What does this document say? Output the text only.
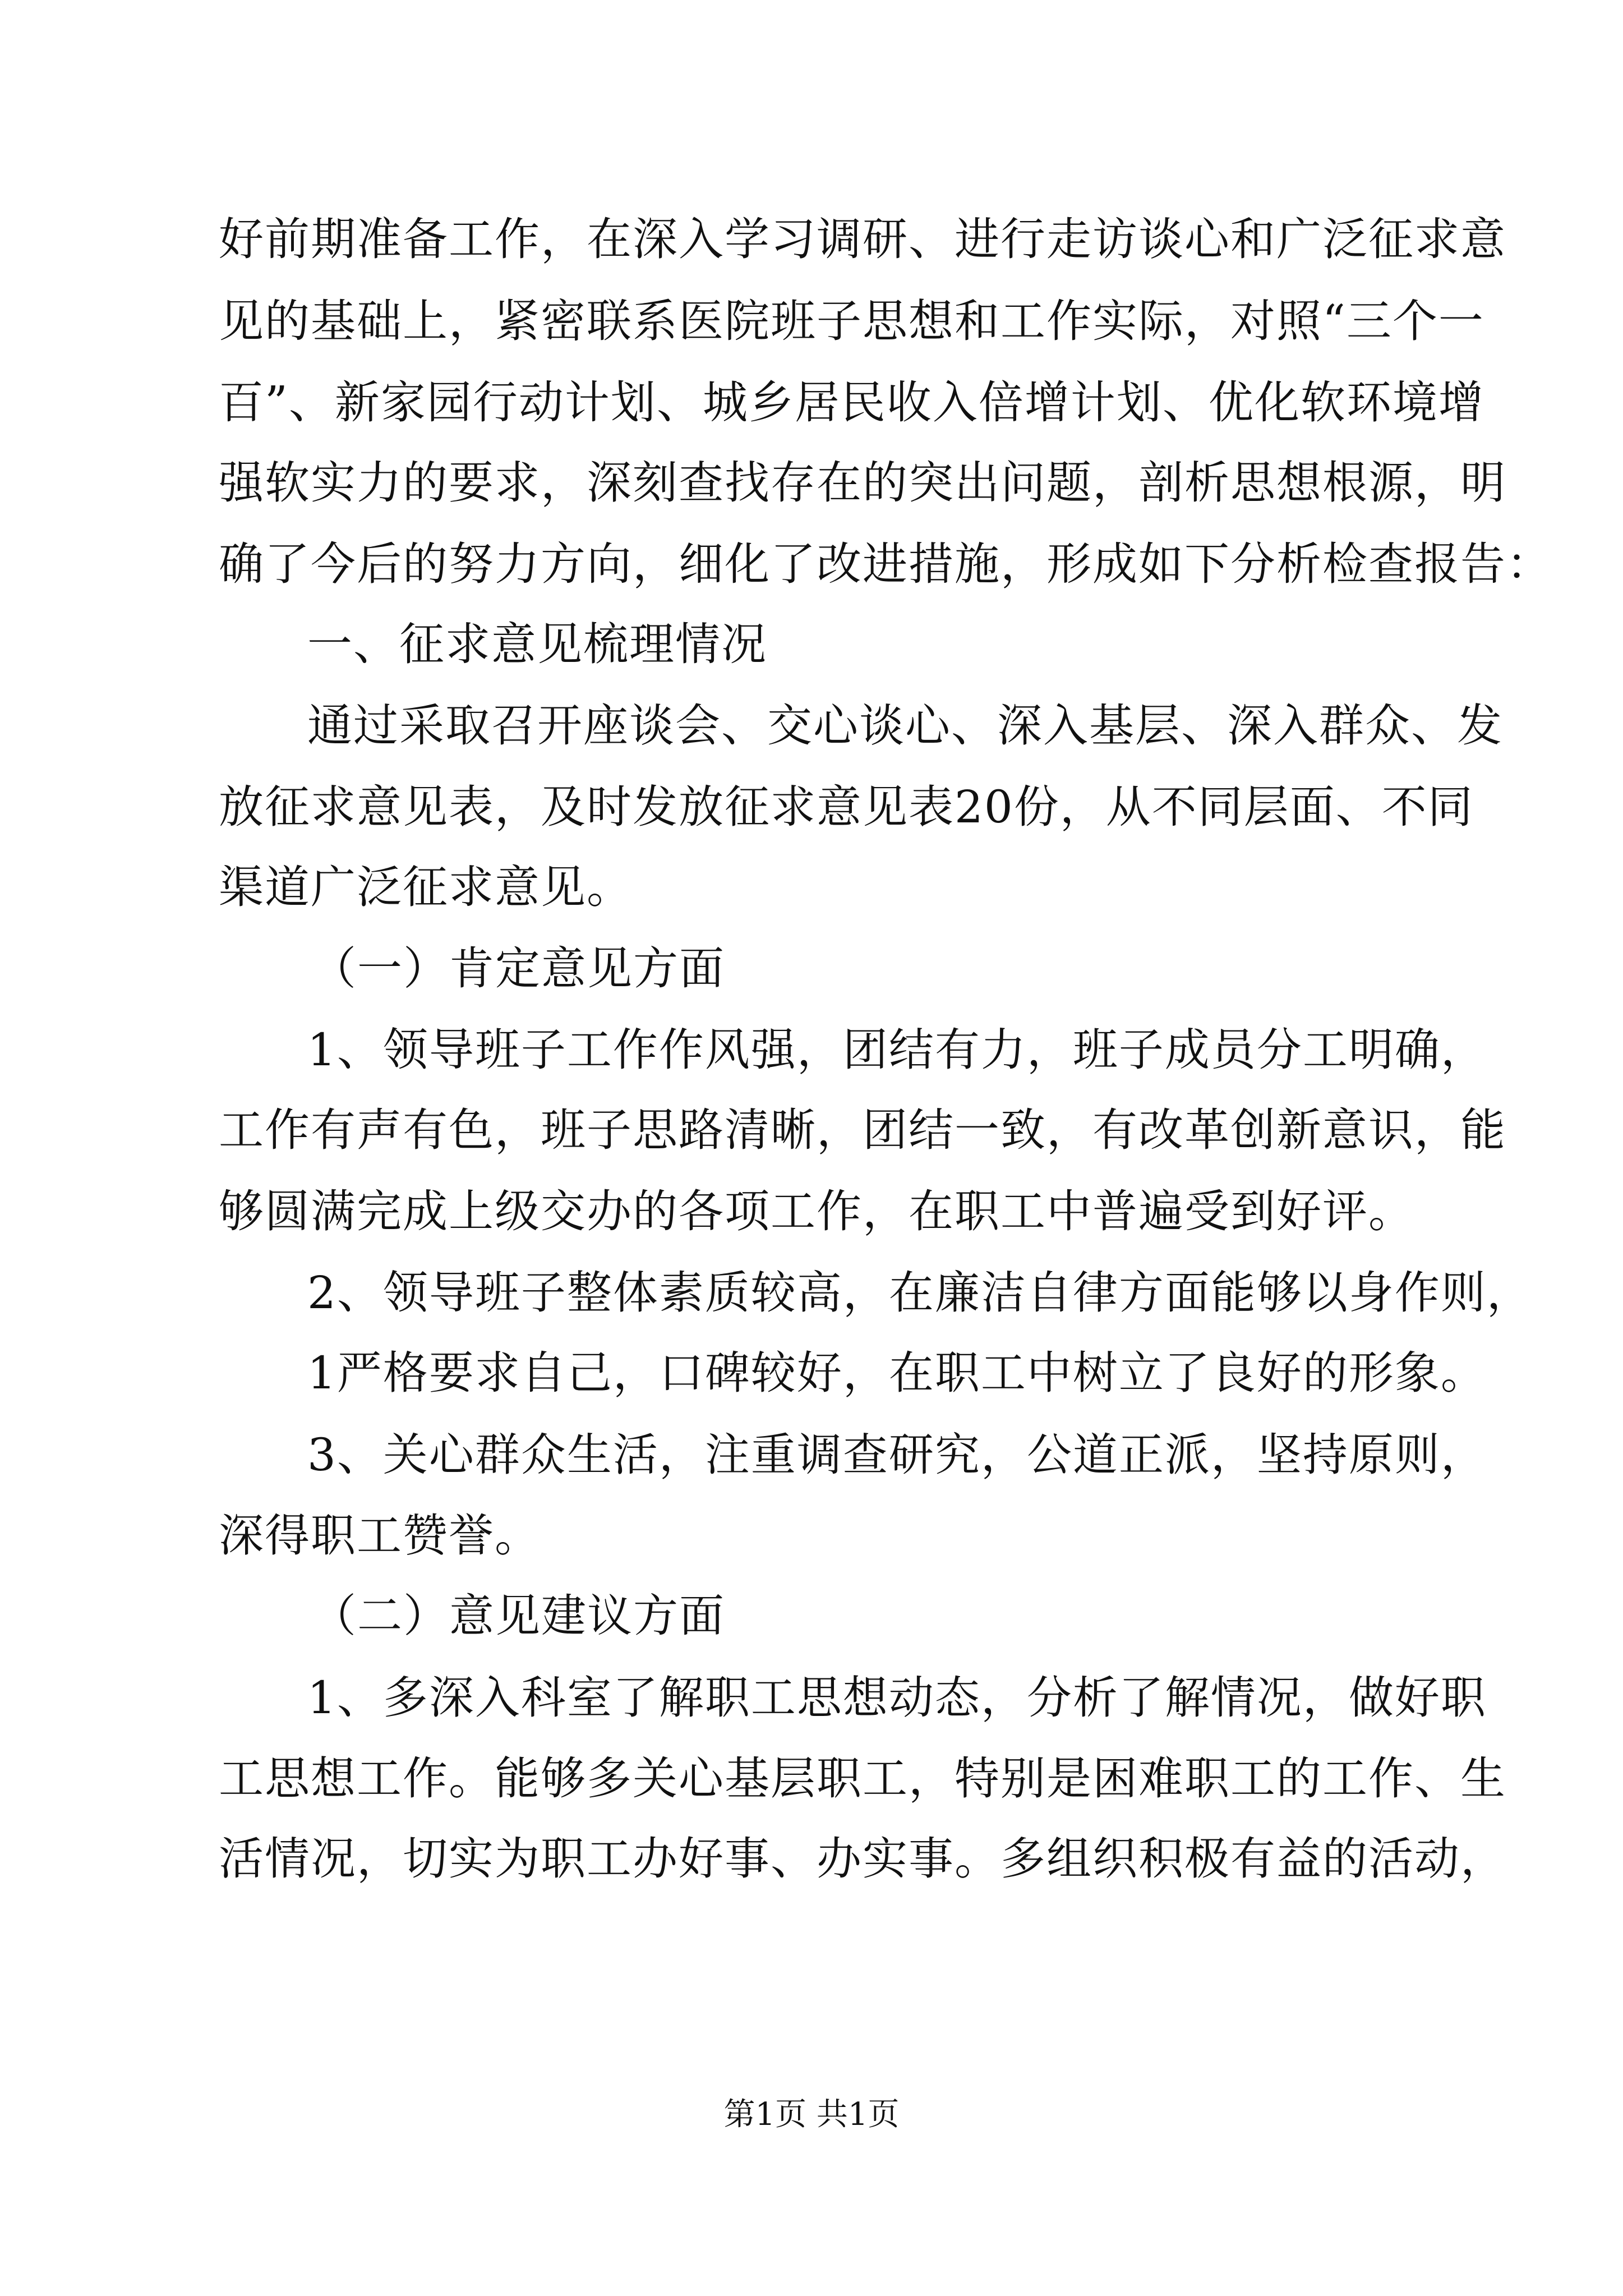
好前期准备工作，在深入学习调研、进行走访谈心和广泛征求意
见的基础上，紧密联系医院班子思想和工作实际，对照“三个一
百”、新家园行动计划、城乡居民收入倍增计划、优化软环境增
强软实力的要求，深刻查找存在的突出问题，剖析思想根源，明
确了今后的努力方向，细化了改进措施，形成如下分析检查报告：
一、征求意见梳理情况
通过采取召开座谈会、交心谈心、深入基层、深入群众、发
放征求意见表，及时发放征求意见表20份，从不同层面、不同
渠道广泛征求意见。
（一）肯定意见方面
1、领导班子工作作风强，团结有力，班子成员分工明确，
工作有声有色，班子思路清晰，团结一致，有改革创新意识，能
够圆满完成上级交办的各项工作，在职工中普遍受到好评。
2、领导班子整体素质较高，在廉洁自律方面能够以身作则，
1严格要求自己，口碑较好，在职工中树立了良好的形象。
3、关心群众生活，注重调查研究，公道正派，坚持原则，
深得职工赞誉。
（二）意见建议方面
1、多深入科室了解职工思想动态，分析了解情况，做好职
工思想工作。能够多关心基层职工，特别是困难职工的工作、生
活情况，切实为职工办好事、办实事。多组织积极有益的活动，
第1页 共1页
